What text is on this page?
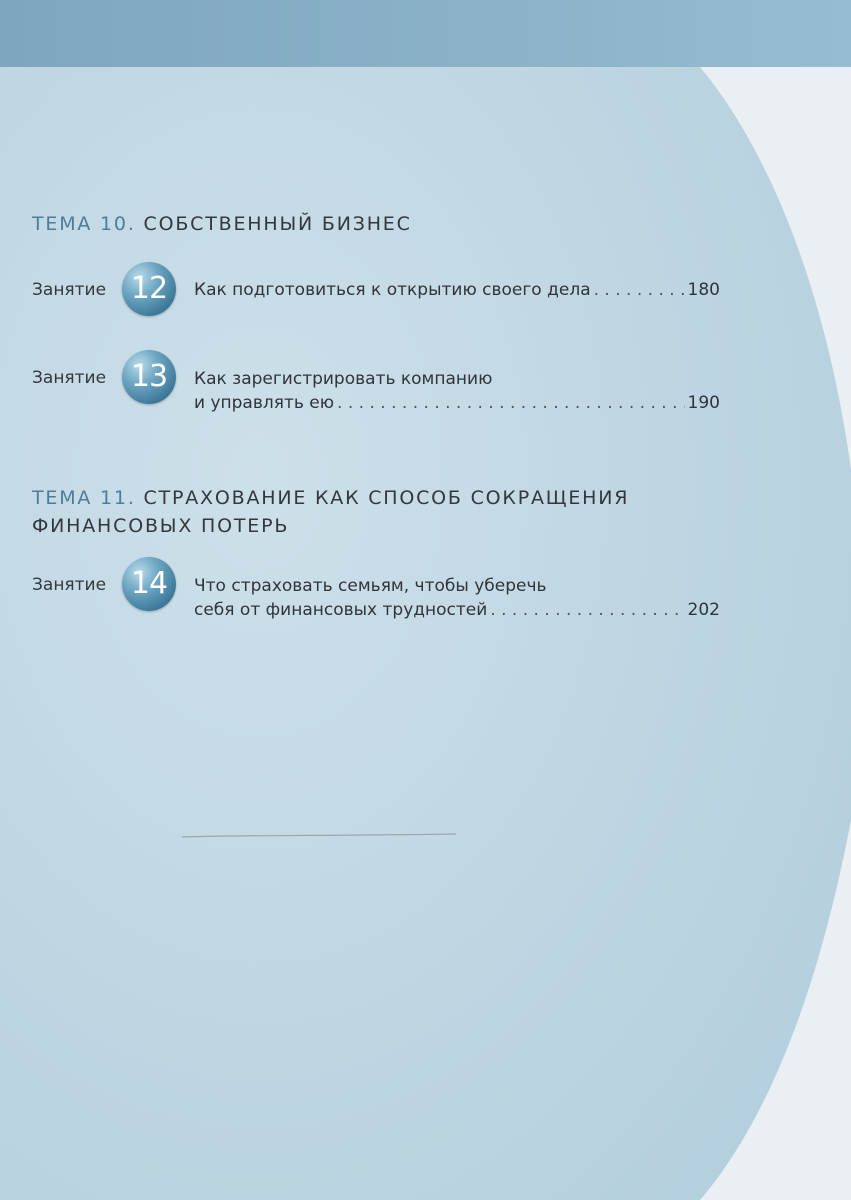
ТЕМА 10. СОБСТВЕННЫЙ БИЗНЕС
Занятие 12	Как подготовиться к открытию своего дела . . .	180
Занятие 13	Как зарегистрировать компанию
и управлять ею . . .	190
ТЕМА 11. СТРАХОВАНИЕ КАК СПОСОБ СОКРАЩЕНИЯ
ФИНАНСОВЫХ ПОТЕРЬ
Занятие 14	Что страховать семьям, чтобы уберечь
себя от финансовых трудностей . . .	202
